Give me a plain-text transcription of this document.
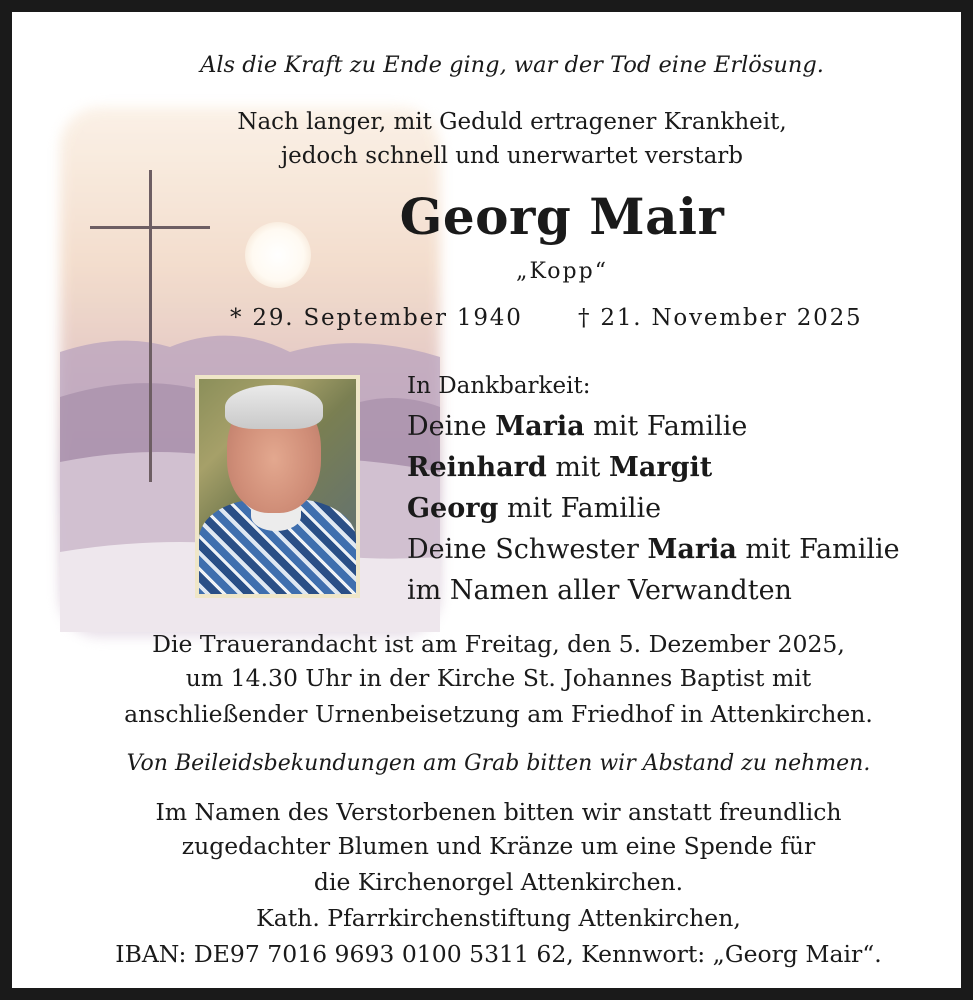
Als die Kraft zu Ende ging, war der Tod eine Erlösung.
Nach langer, mit Geduld ertragener Krankheit,
jedoch schnell und unerwartet verstarb
Georg Mair
„Kopp“
* 29. September 1940 † 21. November 2025
In Dankbarkeit:
Deine Maria mit Familie
Reinhard mit Margit
Georg mit Familie
Deine Schwester Maria mit Familie
im Namen aller Verwandten
Die Trauerandacht ist am Freitag, den 5. Dezember 2025,
um 14.30 Uhr in der Kirche St. Johannes Baptist mit
anschließender Urnenbeisetzung am Friedhof in Attenkirchen.
Von Beileidsbekundungen am Grab bitten wir Abstand zu nehmen.
Im Namen des Verstorbenen bitten wir anstatt freundlich
zugedachter Blumen und Kränze um eine Spende für
die Kirchenorgel Attenkirchen.
Kath. Pfarrkirchenstiftung Attenkirchen,
IBAN: DE97 7016 9693 0100 5311 62, Kennwort: „Georg Mair“.
